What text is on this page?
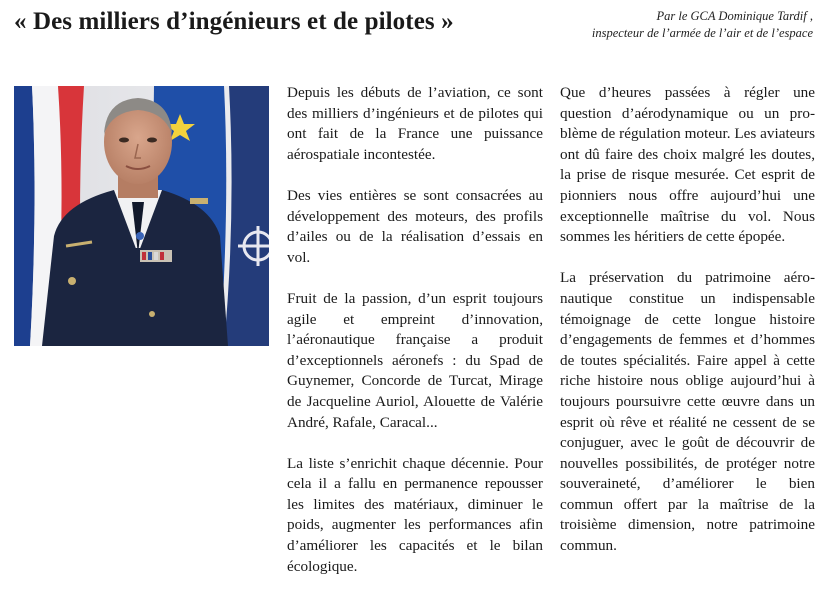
« Des milliers d’ingénieurs et de pilotes »	Par le GCA Dominique Tardif ,
inspecteur de l’armée de l’air et de l’espace

Depuis les débuts de l’aviation, ce sont des milliers d’ingénieurs et de pilotes qui ont fait de la France une puissance aérospatiale incontestée.

Des vies entières se sont consacrées au développement des moteurs, des profils d’ailes ou de la réalisation d’essais en vol.

Fruit de la passion, d’un esprit toujours agile et empreint d’innovation, l’aéronautique française a produit d’exceptionnels aéronefs : du Spad de Guynemer, Concorde de Turcat, Mirage de Jacqueline Auriol, Alouette de Valérie André, Rafale, Caracal...

La liste s’enrichit chaque décennie. Pour cela il a fallu en permanence repousser les limites des matériaux, diminuer le poids, augmenter les performances afin d’améliorer les capacités et le bilan écologique.

Que d’heures passées à régler une question d’aérodynamique ou un problème de régulation moteur. Les aviateurs ont dû faire des choix malgré les doutes, la prise de risque mesurée. Cet esprit de pionniers nous offre aujourd’hui une exceptionnelle maîtrise du vol. Nous sommes les héritiers de cette épopée.

La préservation du patrimoine aéronautique constitue un indispensable témoignage de cette longue histoire d’engagements de femmes et d’hommes de toutes spécialités. Faire appel à cette riche histoire nous oblige aujourd’hui à toujours poursuivre cette œuvre dans un esprit où rêve et réalité ne cessent de se conjuguer, avec le goût de découvrir de nouvelles possibilités, de protéger notre souveraineté, d’améliorer le bien commun offert par la maîtrise de la troisième dimension, notre patrimoine commun.
